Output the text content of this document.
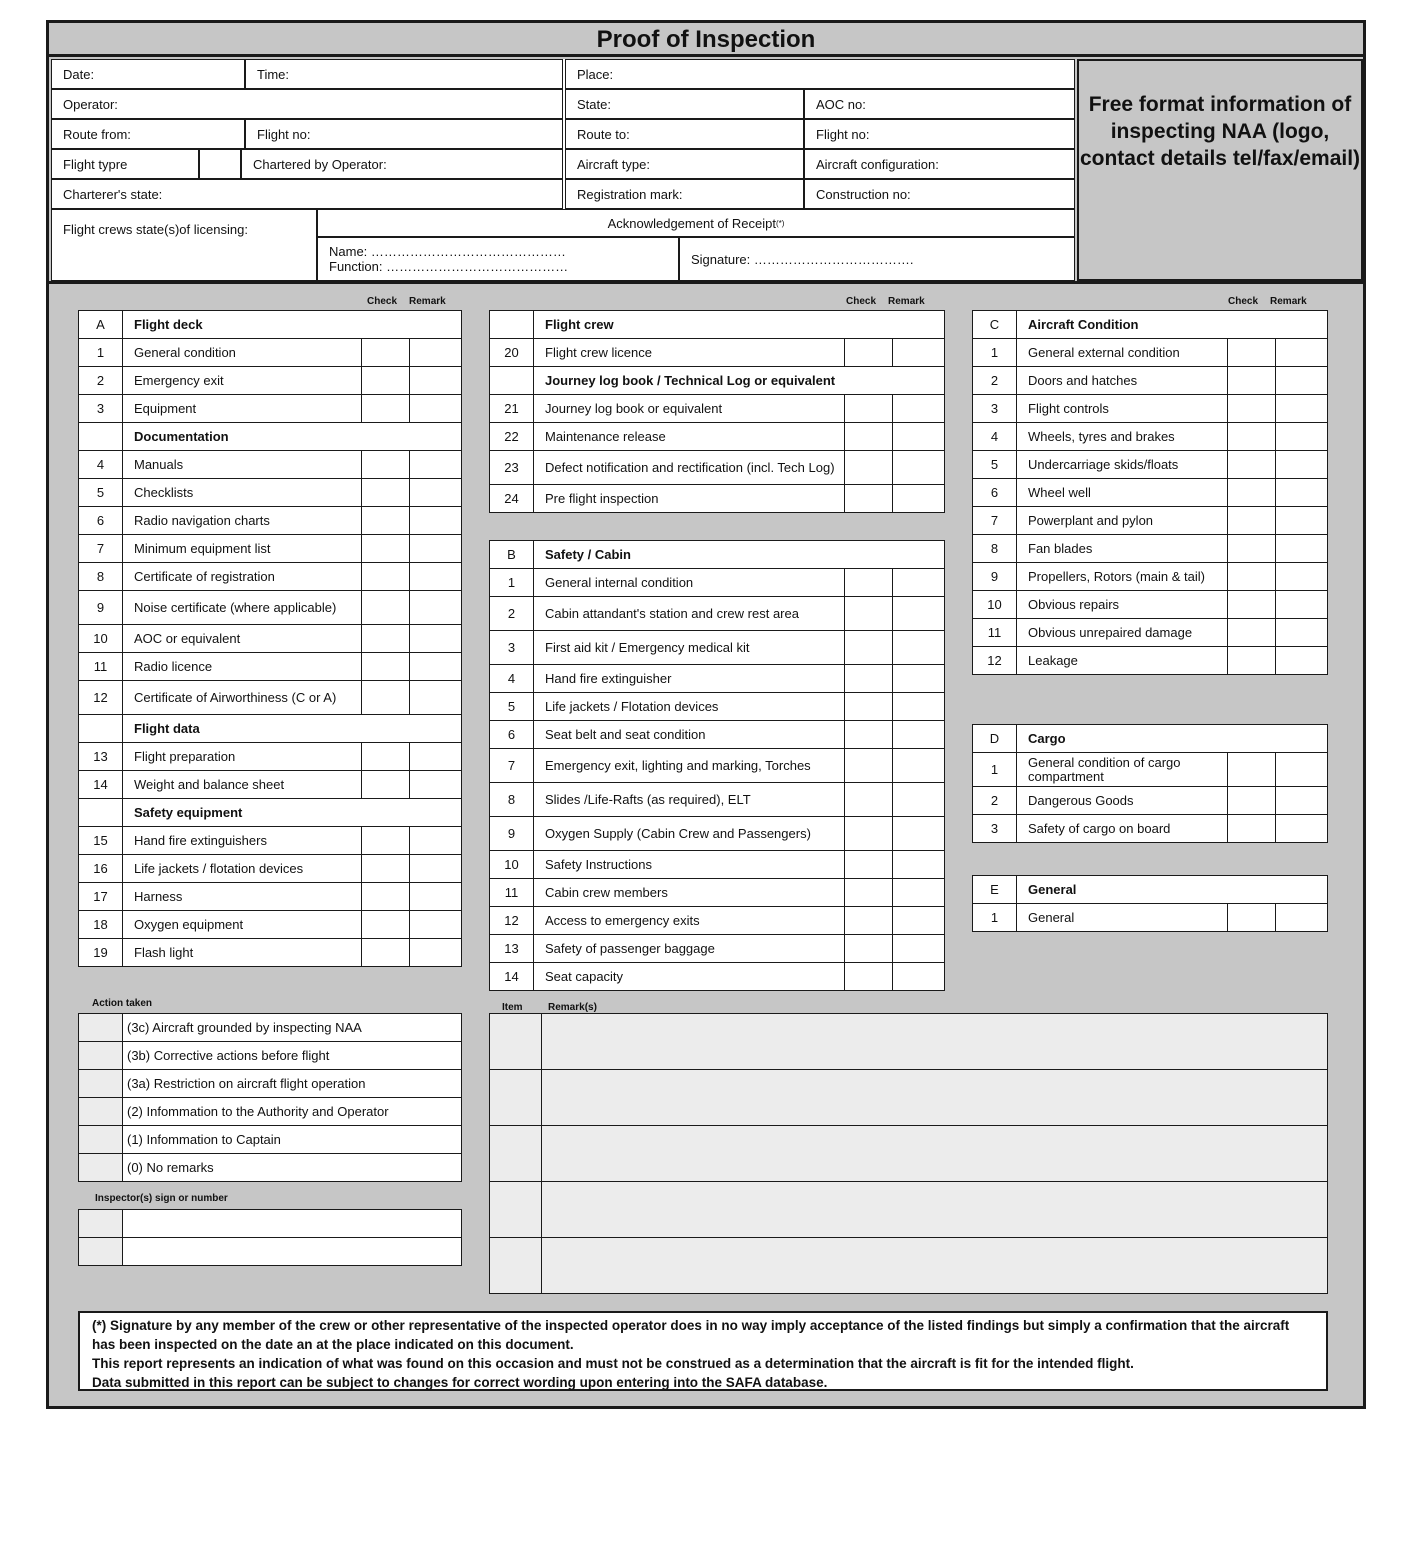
Proof of Inspection
Date:	Time:	Place:
Operator:	State:	AOC no:
Route from:	Flight no:	Route to:	Flight no:
Flight typre	Chartered by Operator:	Aircraft type:	Aircraft configuration:
Charterer's state:	Registration mark:	Construction no:
Flight crews state(s)of licensing:	Acknowledgement of Receipt (*)
Name: ………………………………………
Function: ……………………………………	Signature: ……………………………….
Free format information of inspecting NAA (logo, contact details tel/fax/email)
Check Remark	Check Remark	Check Remark
A	Flight deck		
1	General condition		
2	Emergency exit		
3	Equipment		
	Documentation		
4	Manuals		
5	Checklists		
6	Radio navigation charts		
7	Minimum equipment list		
8	Certificate of registration		
9	Noise certificate (where applicable)		
10	AOC or equivalent		
11	Radio licence		
12	Certificate of Airworthiness (C or A)		
	Flight data		
13	Flight preparation		
14	Weight and balance sheet		
	Safety equipment		
15	Hand fire extinguishers		
16	Life jackets / flotation devices		
17	Harness		
18	Oxygen equipment		
19	Flash light		
	Flight crew		
20	Flight crew licence		
	Journey log book / Technical Log or equivalent		
21	Journey log book or equivalent		
22	Maintenance release		
23	Defect notification and rectification (incl. Tech Log)		
24	Pre flight inspection		
B	Safety / Cabin		
1	General internal condition		
2	Cabin attandant's station and crew rest area		
3	First aid kit / Emergency medical kit		
4	Hand fire extinguisher		
5	Life jackets / Flotation devices		
6	Seat belt and seat condition		
7	Emergency exit, lighting and marking, Torches		
8	Slides /Life-Rafts (as required), ELT		
9	Oxygen Supply (Cabin Crew and Passengers)		
10	Safety Instructions		
11	Cabin crew members		
12	Access to emergency exits		
13	Safety of passenger baggage		
14	Seat capacity		
C	Aircraft Condition		
1	General external condition		
2	Doors and hatches		
3	Flight controls		
4	Wheels, tyres and brakes		
5	Undercarriage skids/floats		
6	Wheel well		
7	Powerplant and pylon		
8	Fan blades		
9	Propellers, Rotors (main & tail)		
10	Obvious repairs		
11	Obvious unrepaired damage		
12	Leakage		
D	Cargo		
1	General condition of cargo compartment		
2	Dangerous Goods		
3	Safety of cargo on board		
E	General		
1	General		
Action taken
	(3c) Aircraft grounded by inspecting NAA
	(3b) Corrective actions before flight
	(3a) Restriction on aircraft flight operation
	(2) Infommation to the Authority and Operator
	(1) Infommation to Captain
	(0) No remarks
Inspector(s) sign or number

Item	Remark(s)

(*) Signature by any member of the crew or other representative of the inspected operator does in no way imply acceptance of the listed findings but simply a confirmation that the aircraft has been inspected on the date an at the place indicated on this document.

This report represents an indication of what was found on this occasion and must not be construed as a determination that the aircraft is fit for the intended flight.

Data submitted in this report can be subject to changes for correct wording upon entering into the SAFA database.
